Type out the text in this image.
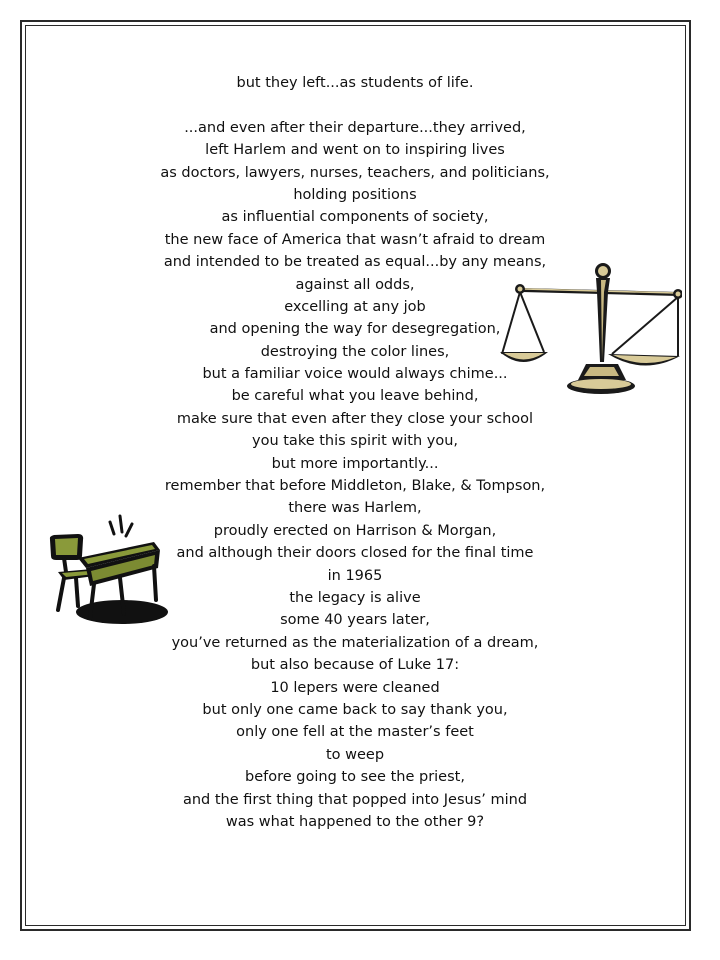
but they left...as students of life.
...and even after their departure...they arrived,
left Harlem and went on to inspiring lives
as doctors, lawyers, nurses, teachers, and politicians,
holding positions
as influential components of society,
the new face of America that wasn’t afraid to dream
and intended to be treated as equal...by any means,
against all odds,
excelling at any job
and opening the way for desegregation,
destroying the color lines,
but a familiar voice would always chime...
be careful what you leave behind,
make sure that even after they close your school
you take this spirit with you,
but more importantly...
remember that before Middleton, Blake, & Tompson,
there was Harlem,
proudly erected on Harrison & Morgan,
and although their doors closed for the final time
in 1965
the legacy is alive
some 40 years later,
you’ve returned as the materialization of a dream,
but also because of Luke 17:
10 lepers were cleaned
but only one came back to say thank you,
only one fell at the master’s feet
to weep
before going to see the priest,
and the first thing that popped into Jesus’ mind
was what happened to the other 9?
